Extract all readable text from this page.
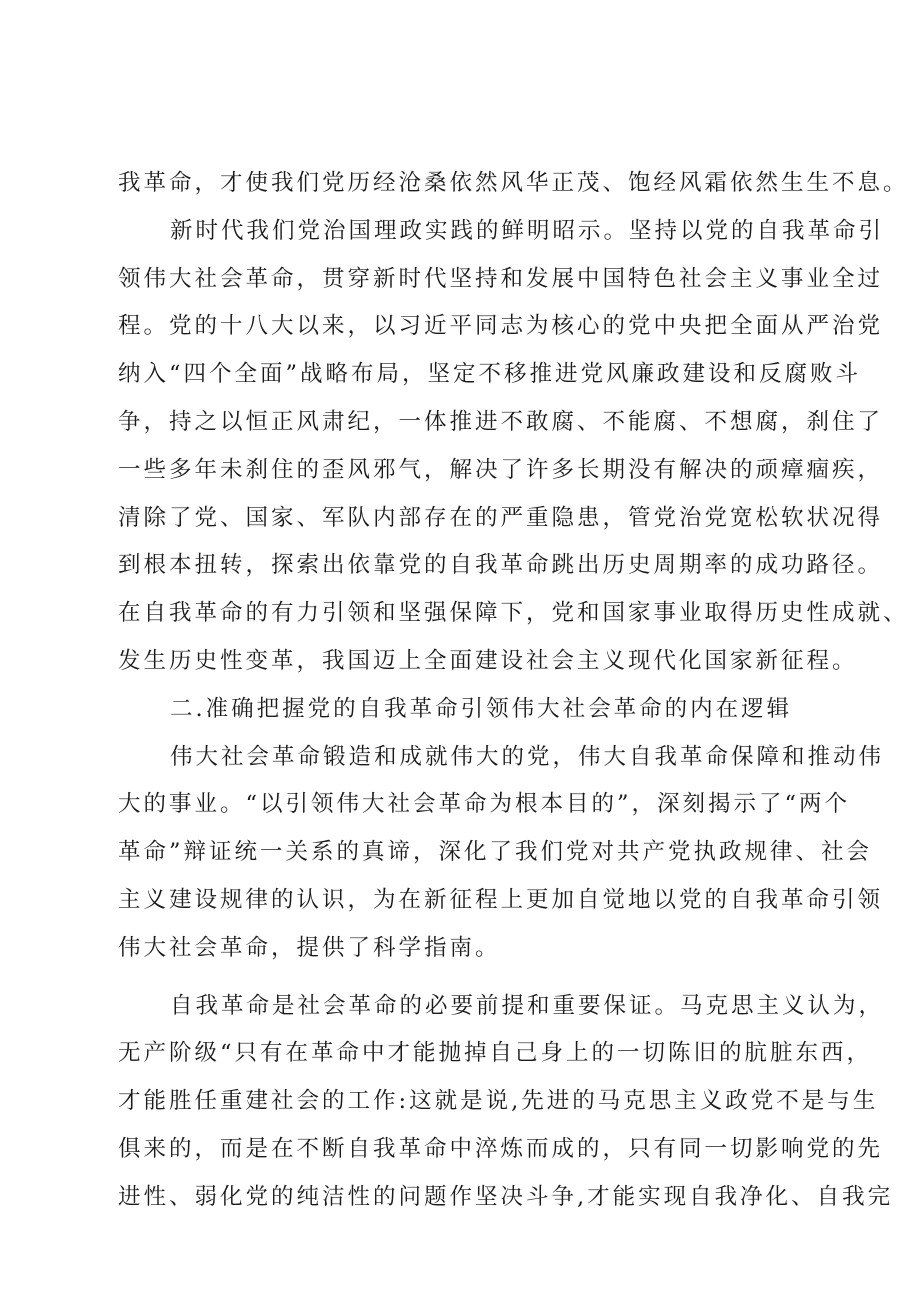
我革命，才使我们党历经沧桑依然风华正茂、饱经风霜依然生生不息。
新时代我们党治国理政实践的鲜明昭示。坚持以党的自我革命引
领伟大社会革命，贯穿新时代坚持和发展中国特色社会主义事业全过
程。党的十八大以来，以习近平同志为核心的党中央把全面从严治党
纳入“四个全面”战略布局，坚定不移推进党风廉政建设和反腐败斗
争，持之以恒正风肃纪，一体推进不敢腐、不能腐、不想腐，刹住了
一些多年未刹住的歪风邪气，解决了许多长期没有解决的顽瘴痼疾，
清除了党、国家、军队内部存在的严重隐患，管党治党宽松软状况得
到根本扭转，探索出依靠党的自我革命跳出历史周期率的成功路径。
在自我革命的有力引领和坚强保障下，党和国家事业取得历史性成就、
发生历史性变革，我国迈上全面建设社会主义现代化国家新征程。
二.准确把握党的自我革命引领伟大社会革命的内在逻辑
伟大社会革命锻造和成就伟大的党，伟大自我革命保障和推动伟
大的事业。“以引领伟大社会革命为根本目的”，深刻揭示了“两个
革命”辩证统一关系的真谛，深化了我们党对共产党执政规律、社会
主义建设规律的认识，为在新征程上更加自觉地以党的自我革命引领
伟大社会革命，提供了科学指南。
自我革命是社会革命的必要前提和重要保证。马克思主义认为，
无产阶级“只有在革命中才能抛掉自己身上的一切陈旧的肮脏东西，
才能胜任重建社会的工作:这就是说,先进的马克思主义政党不是与生
俱来的，而是在不断自我革命中淬炼而成的，只有同一切影响党的先
进性、弱化党的纯洁性的问题作坚决斗争,才能实现自我净化、自我完
